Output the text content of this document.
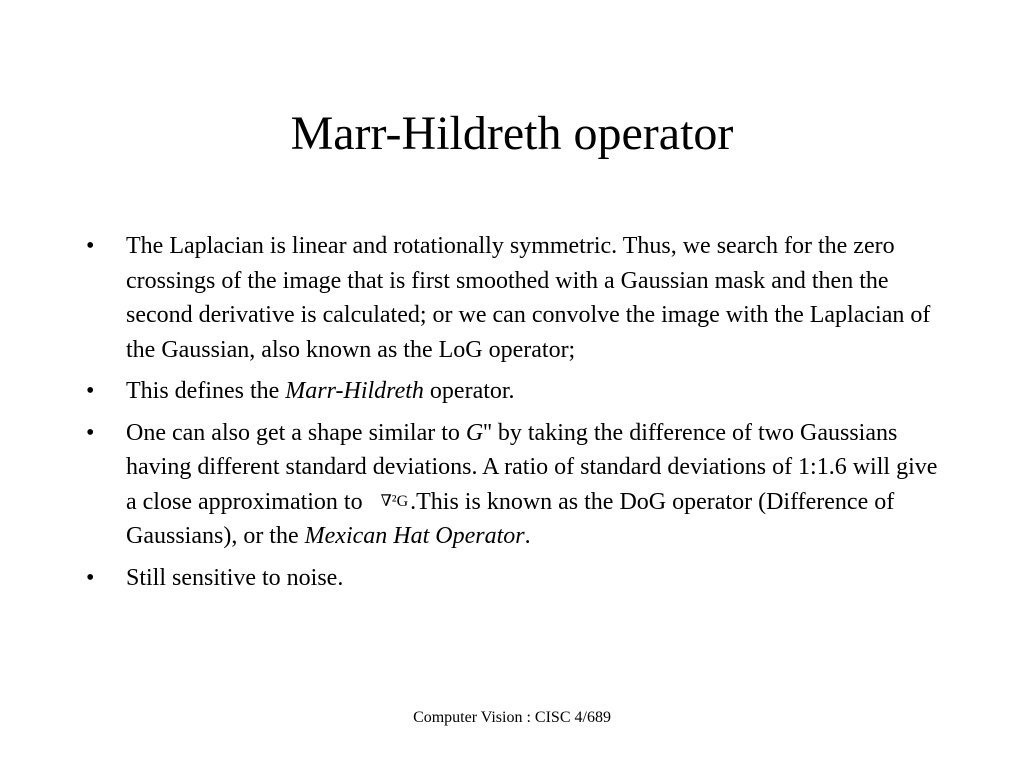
Marr-Hildreth operator
• The Laplacian is linear and rotationally symmetric. Thus, we search for the zero crossings of the image that is first smoothed with a Gaussian mask and then the second derivative is calculated; or we can convolve the image with the Laplacian of the Gaussian, also known as the LoG operator;
• This defines the Marr-Hildreth operator.
• One can also get a shape similar to G'' by taking the difference of two Gaussians having different standard deviations. A ratio of standard deviations of 1:1.6 will give a close approximation to ∇²G.This is known as the DoG operator (Difference of Gaussians), or the Mexican Hat Operator.
• Still sensitive to noise.
Computer Vision : CISC 4/689
